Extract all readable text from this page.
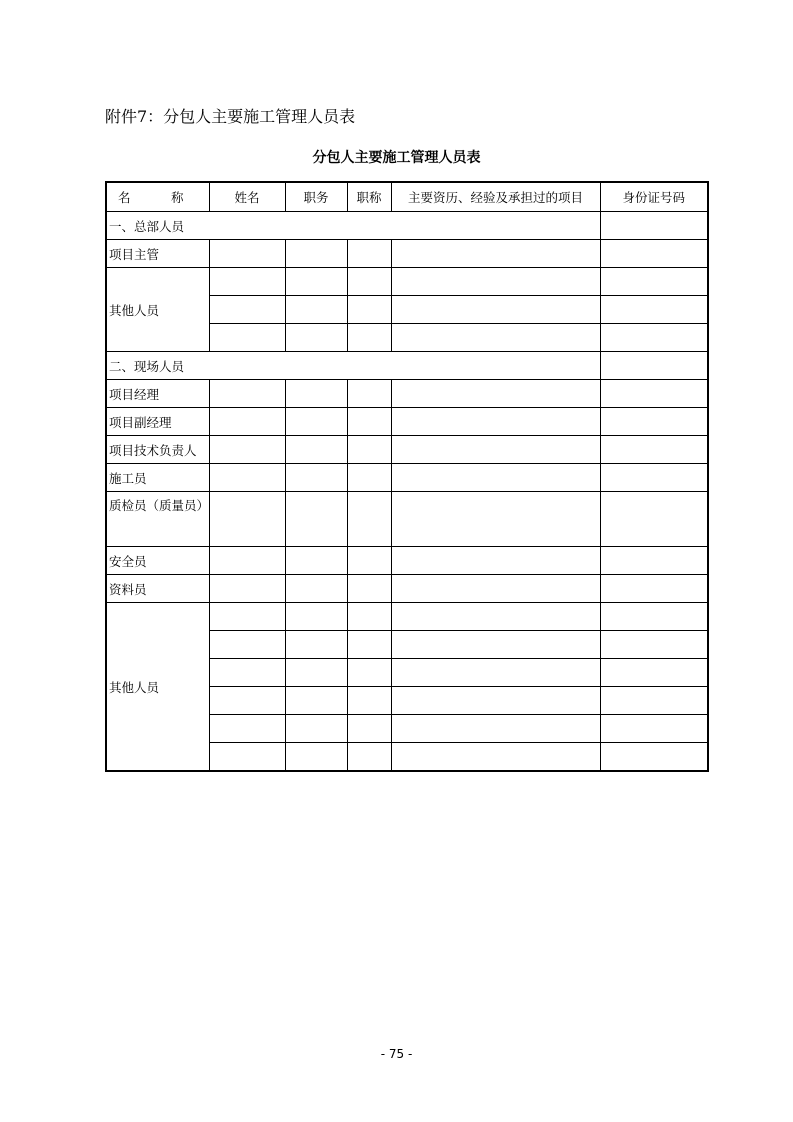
附件7：分包人主要施工管理人员表
分包人主要施工管理人员表
名　称	姓名	职务	职称	主要资历、经验及承担过的项目	身份证号码
一、总部人员					
项目主管					
其他人员					

二、现场人员					
项目经理					
项目副经理					
项目技术负责人					
施工员					
质检员（质量员）					
安全员					
资料员					
其他人员					

- 75 -
